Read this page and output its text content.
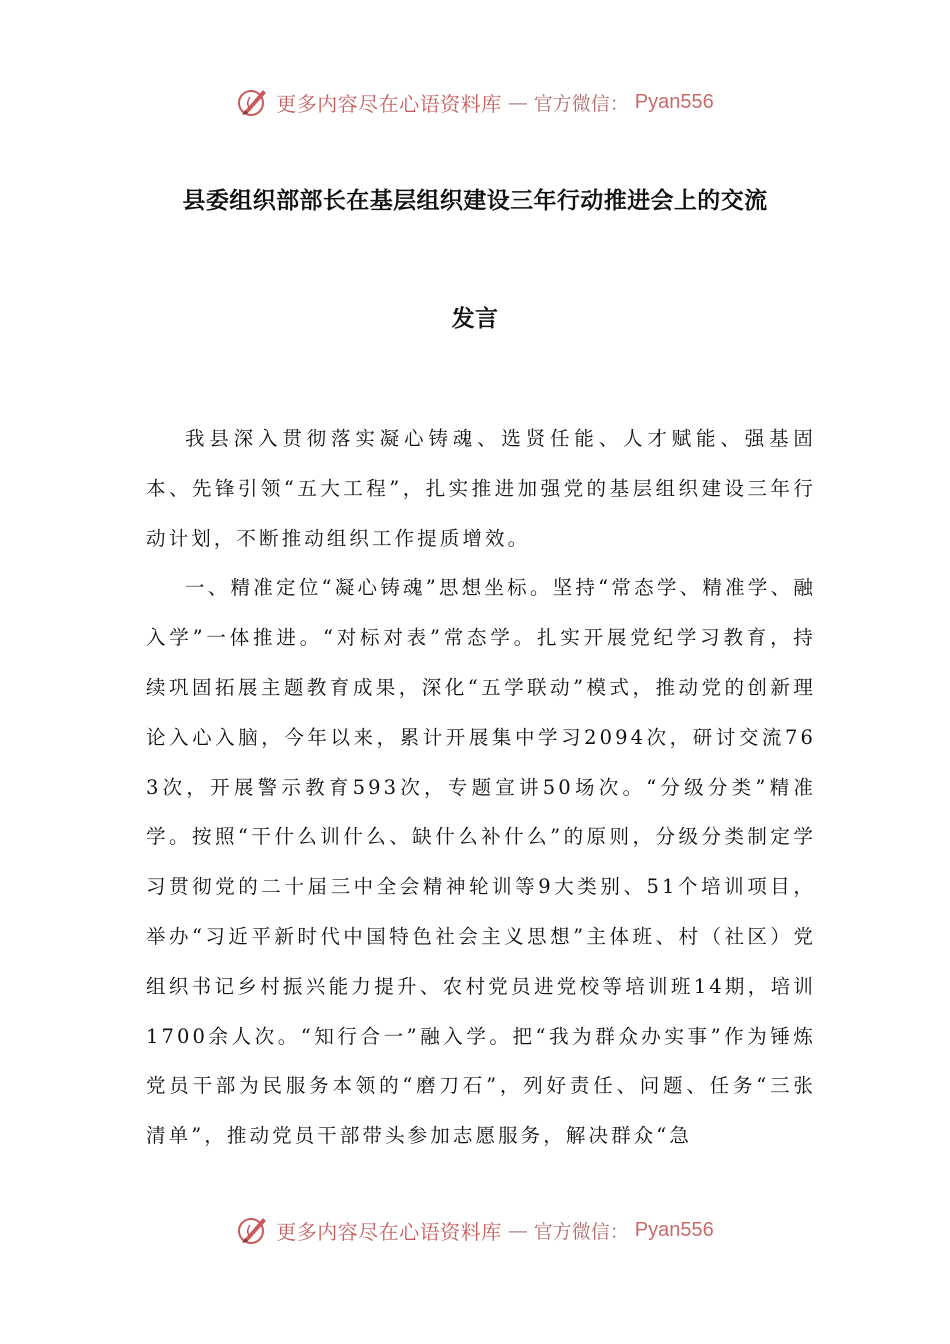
更多内容尽在心语资料库 — 官方微信： Pyan556
县委组织部部长在基层组织建设三年行动推进会上的交流
发言

我县深入贯彻落实凝心铸魂、选贤任能、人才赋能、强基固本、先锋引领“五大工程”，扎实推进加强党的基层组织建设三年行动计划，不断推动组织工作提质增效。

一、精准定位“凝心铸魂”思想坐标。坚持“常态学、精准学、融入学”一体推进。“对标对表”常态学。扎实开展党纪学习教育，持续巩固拓展主题教育成果，深化“五学联动”模式，推动党的创新理论入心入脑，今年以来，累计开展集中学习2094次，研讨交流763次，开展警示教育593次，专题宣讲50场次。“分级分类”精准学。按照“干什么训什么、缺什么补什么”的原则，分级分类制定学习贯彻党的二十届三中全会精神轮训等9大类别、51个培训项目，举办“习近平新时代中国特色社会主义思想”主体班、村（社区）党组织书记乡村振兴能力提升、农村党员进党校等培训班14期，培训1700余人次。“知行合一”融入学。把“我为群众办实事”作为锤炼党员干部为民服务本领的“磨刀石”，列好责任、问题、任务“三张清单”，推动党员干部带头参加志愿服务，解决群众“急

更多内容尽在心语资料库 — 官方微信： Pyan556
